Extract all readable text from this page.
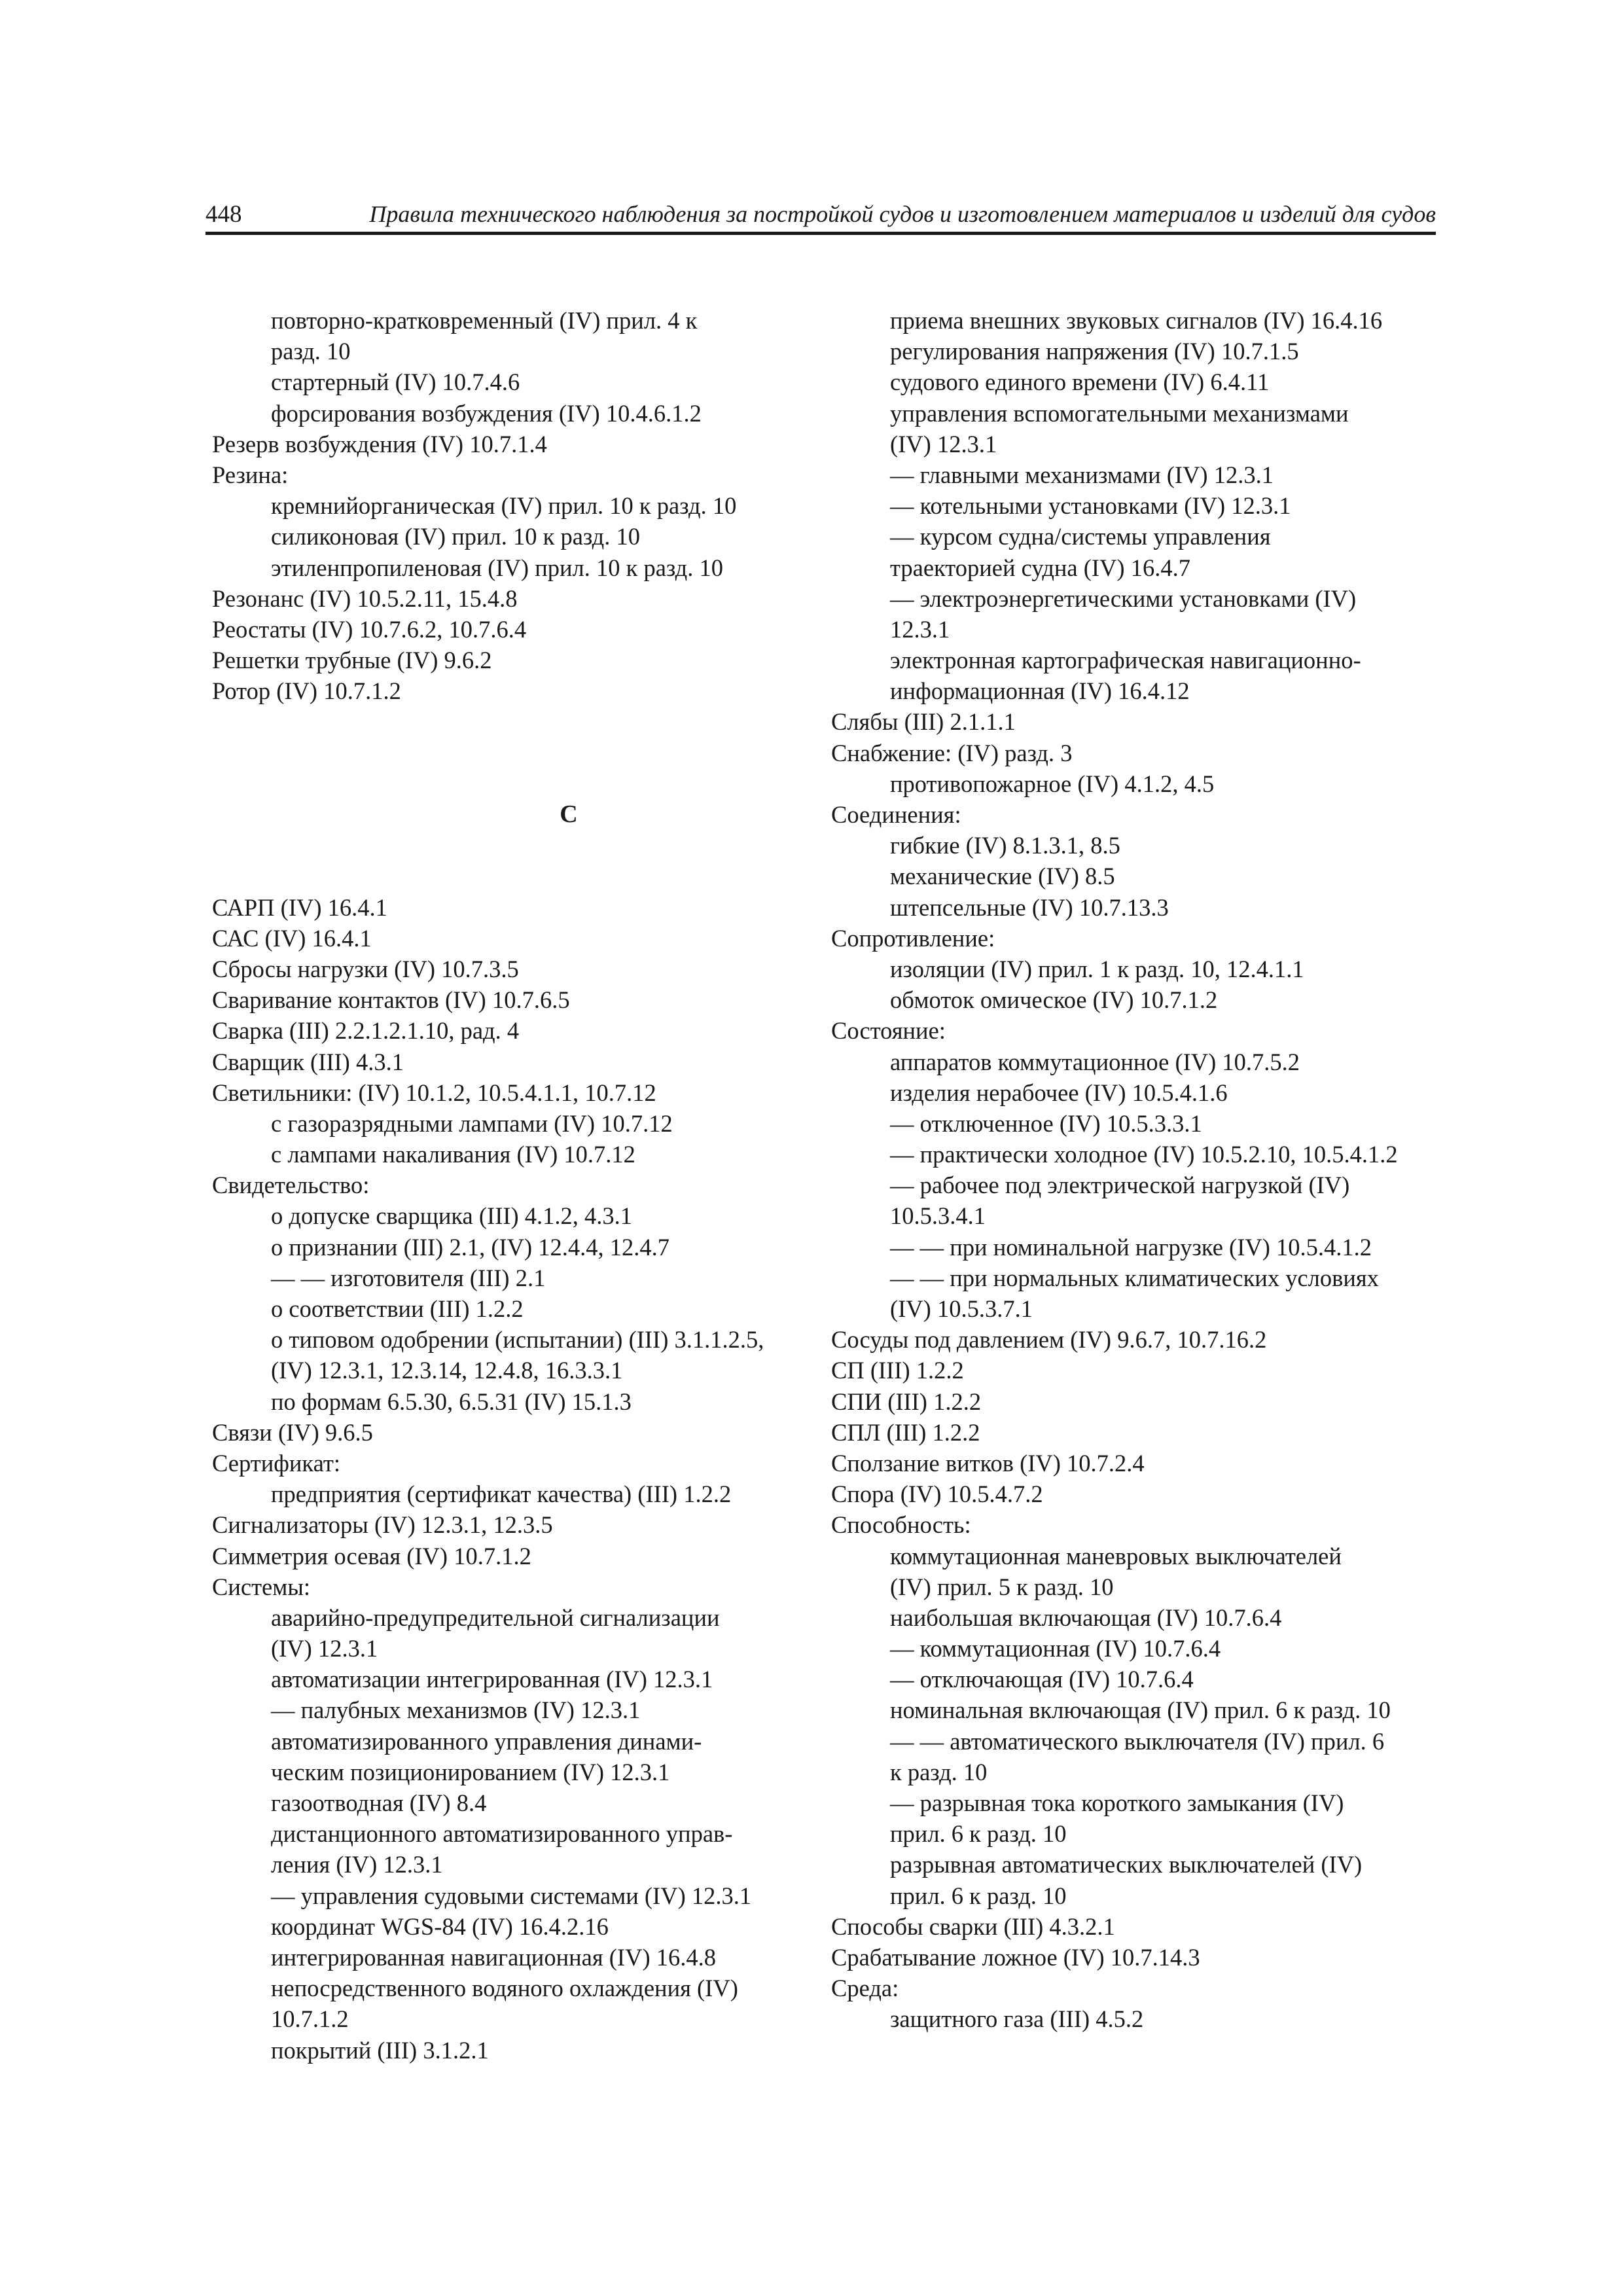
448	Правила технического наблюдения за постройкой судов и изготовлением материалов и изделий для судов

повторно-кратковременный (IV) прил. 4 к

разд. 10

стартерный (IV) 10.7.4.6

форсирования возбуждения (IV) 10.4.6.1.2

Резерв возбуждения (IV) 10.7.1.4

Резина:

кремнийорганическая (IV) прил. 10 к разд. 10

силиконовая (IV) прил. 10 к разд. 10

этиленпропиленовая (IV) прил. 10 к разд. 10

Резонанс (IV) 10.5.2.11, 15.4.8

Реостаты (IV) 10.7.6.2, 10.7.6.4

Решетки трубные (IV) 9.6.2

Ротор (IV) 10.7.1.2

С

САРП (IV) 16.4.1

САС (IV) 16.4.1

Сбросы нагрузки (IV) 10.7.3.5

Сваривание контактов (IV) 10.7.6.5

Сварка (III) 2.2.1.2.1.10, рад. 4

Сварщик (III) 4.3.1

Светильники: (IV) 10.1.2, 10.5.4.1.1, 10.7.12

с газоразрядными лампами (IV) 10.7.12

с лампами накаливания (IV) 10.7.12

Свидетельство:

о допуске сварщика (III) 4.1.2, 4.3.1

о признании (III) 2.1, (IV) 12.4.4, 12.4.7

— — изготовителя (III) 2.1

о соответствии (III) 1.2.2

о типовом одобрении (испытании) (III) 3.1.1.2.5,

(IV) 12.3.1, 12.3.14, 12.4.8, 16.3.3.1

по формам 6.5.30, 6.5.31 (IV) 15.1.3

Связи (IV) 9.6.5

Сертификат:

предприятия (сертификат качества) (III) 1.2.2

Сигнализаторы (IV) 12.3.1, 12.3.5

Симметрия осевая (IV) 10.7.1.2

Системы:

аварийно-предупредительной сигнализации

(IV) 12.3.1

автоматизации интегрированная (IV) 12.3.1

— палубных механизмов (IV) 12.3.1

автоматизированного управления динами-

ческим позиционированием (IV) 12.3.1

газоотводная (IV) 8.4

дистанционного автоматизированного управ-

ления (IV) 12.3.1

— управления судовыми системами (IV) 12.3.1

координат WGS-84 (IV) 16.4.2.16

интегрированная навигационная (IV) 16.4.8

непосредственного водяного охлаждения (IV)

10.7.1.2

покрытий (III) 3.1.2.1

приема внешних звуковых сигналов (IV) 16.4.16

регулирования напряжения (IV) 10.7.1.5

судового единого времени (IV) 6.4.11

управления вспомогательными механизмами

(IV) 12.3.1

— главными механизмами (IV) 12.3.1

— котельными установками (IV) 12.3.1

— курсом судна/системы управления

траекторией судна (IV) 16.4.7

— электроэнергетическими установками (IV)

12.3.1

электронная картографическая навигационно-

информационная (IV) 16.4.12

Слябы (III) 2.1.1.1

Снабжение: (IV) разд. 3

противопожарное (IV) 4.1.2, 4.5

Соединения:

гибкие (IV) 8.1.3.1, 8.5

механические (IV) 8.5

штепсельные (IV) 10.7.13.3

Сопротивление:

изоляции (IV) прил. 1 к разд. 10, 12.4.1.1

обмоток омическое (IV) 10.7.1.2

Состояние:

аппаратов коммутационное (IV) 10.7.5.2

изделия нерабочее (IV) 10.5.4.1.6

— отключенное (IV) 10.5.3.3.1

— практически холодное (IV) 10.5.2.10, 10.5.4.1.2

— рабочее под электрической нагрузкой (IV)

10.5.3.4.1

— — при номинальной нагрузке (IV) 10.5.4.1.2

— — при нормальных климатических условиях

(IV) 10.5.3.7.1

Сосуды под давлением (IV) 9.6.7, 10.7.16.2

СП (III) 1.2.2

СПИ (III) 1.2.2

СПЛ (III) 1.2.2

Сползание витков (IV) 10.7.2.4

Спора (IV) 10.5.4.7.2

Способность:

коммутационная маневровых выключателей

(IV) прил. 5 к разд. 10

наибольшая включающая (IV) 10.7.6.4

— коммутационная (IV) 10.7.6.4

— отключающая (IV) 10.7.6.4

номинальная включающая (IV) прил. 6 к разд. 10

— — автоматического выключателя (IV) прил. 6

к разд. 10

— разрывная тока короткого замыкания (IV)

прил. 6 к разд. 10

разрывная автоматических выключателей (IV)

прил. 6 к разд. 10

Способы сварки (III) 4.3.2.1

Срабатывание ложное (IV) 10.7.14.3

Среда:

защитного газа (III) 4.5.2
